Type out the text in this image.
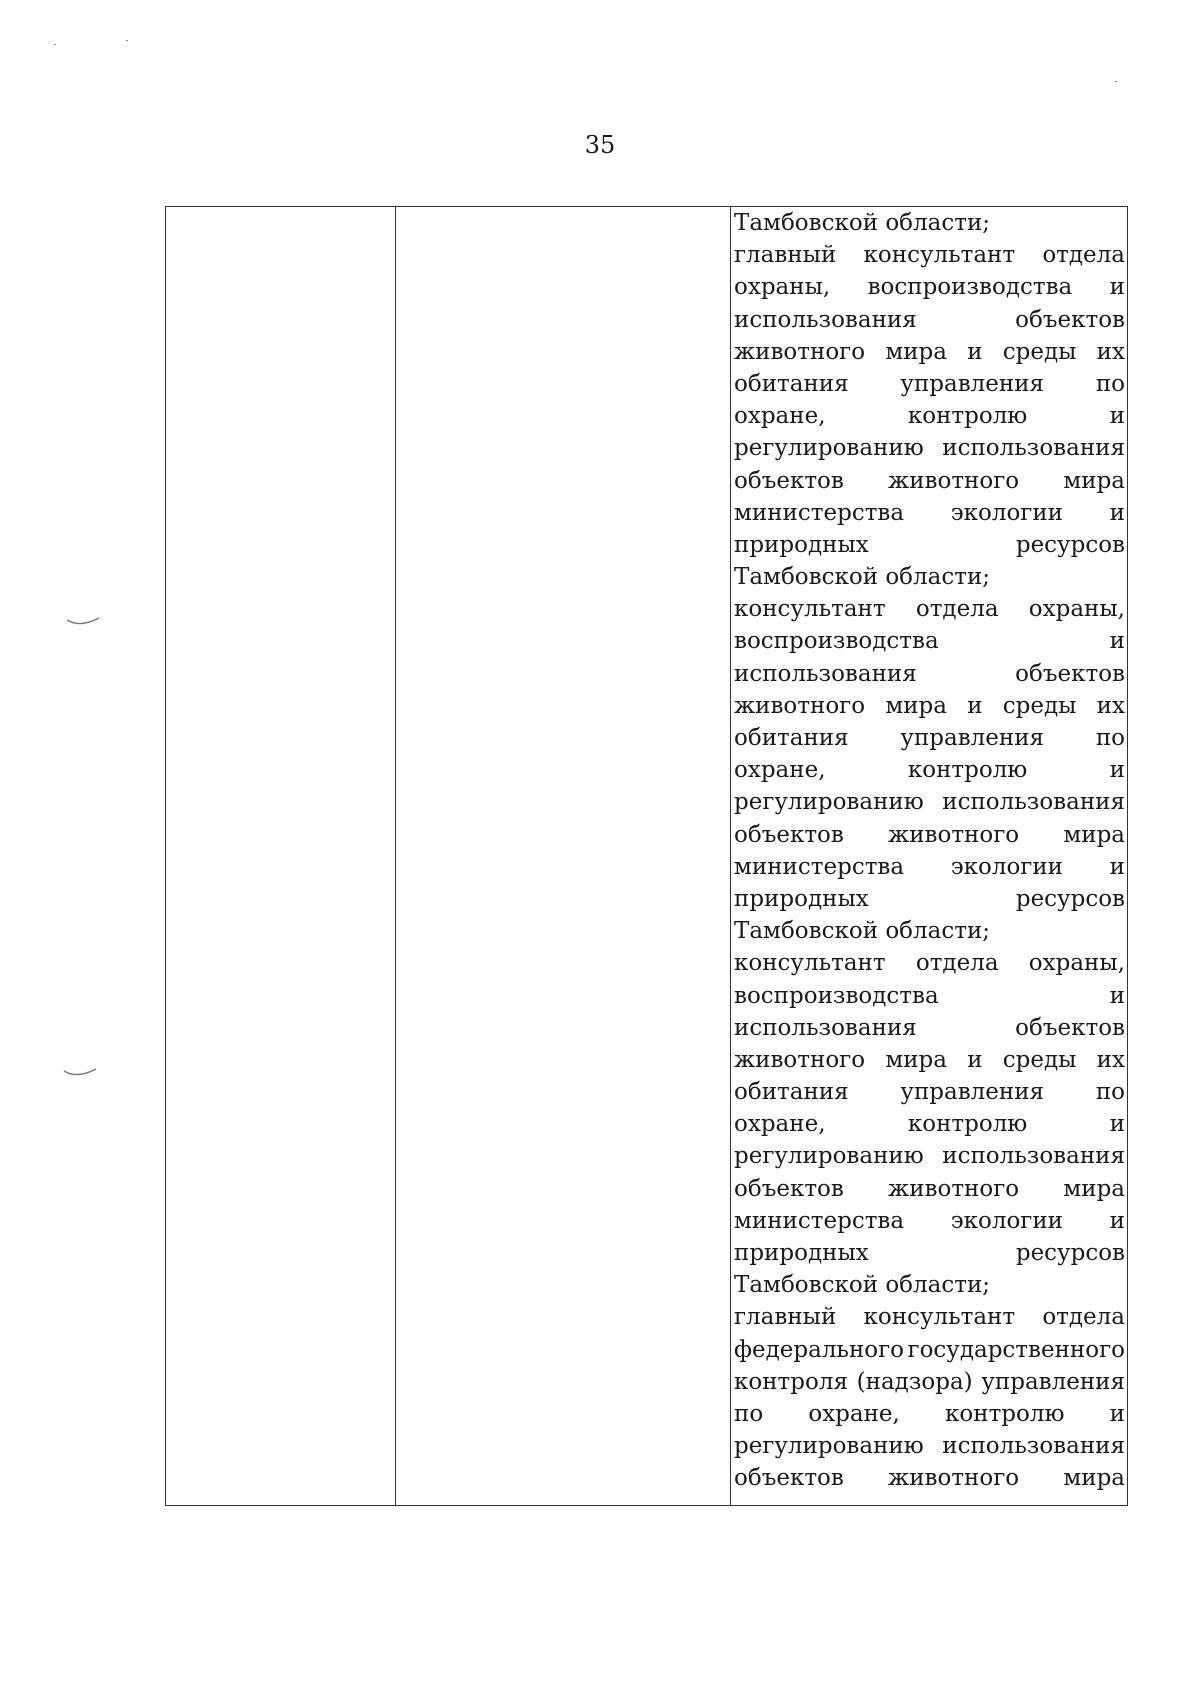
35

Тамбовской области;
главный консультант отдела
охраны, воспроизводства и
использования	объектов
животного мира и среды их
обитания управления по
охране,	контролю	и
регулированию использования
объектов животного мира
министерства экологии и
природных	ресурсов
Тамбовской области;
консультант отдела охраны,
воспроизводства	и
использования	объектов
животного мира и среды их
обитания управления по
охране,	контролю	и
регулированию использования
объектов животного мира
министерства экологии и
природных	ресурсов
Тамбовской области;
консультант отдела охраны,
воспроизводства	и
использования	объектов
животного мира и среды их
обитания управления по
охране,	контролю	и
регулированию использования
объектов животного мира
министерства экологии и
природных	ресурсов
Тамбовской области;
главный консультант отдела
федерального государственного
контроля (надзора) управления
по охране, контролю и
регулированию использования
объектов животного мира
